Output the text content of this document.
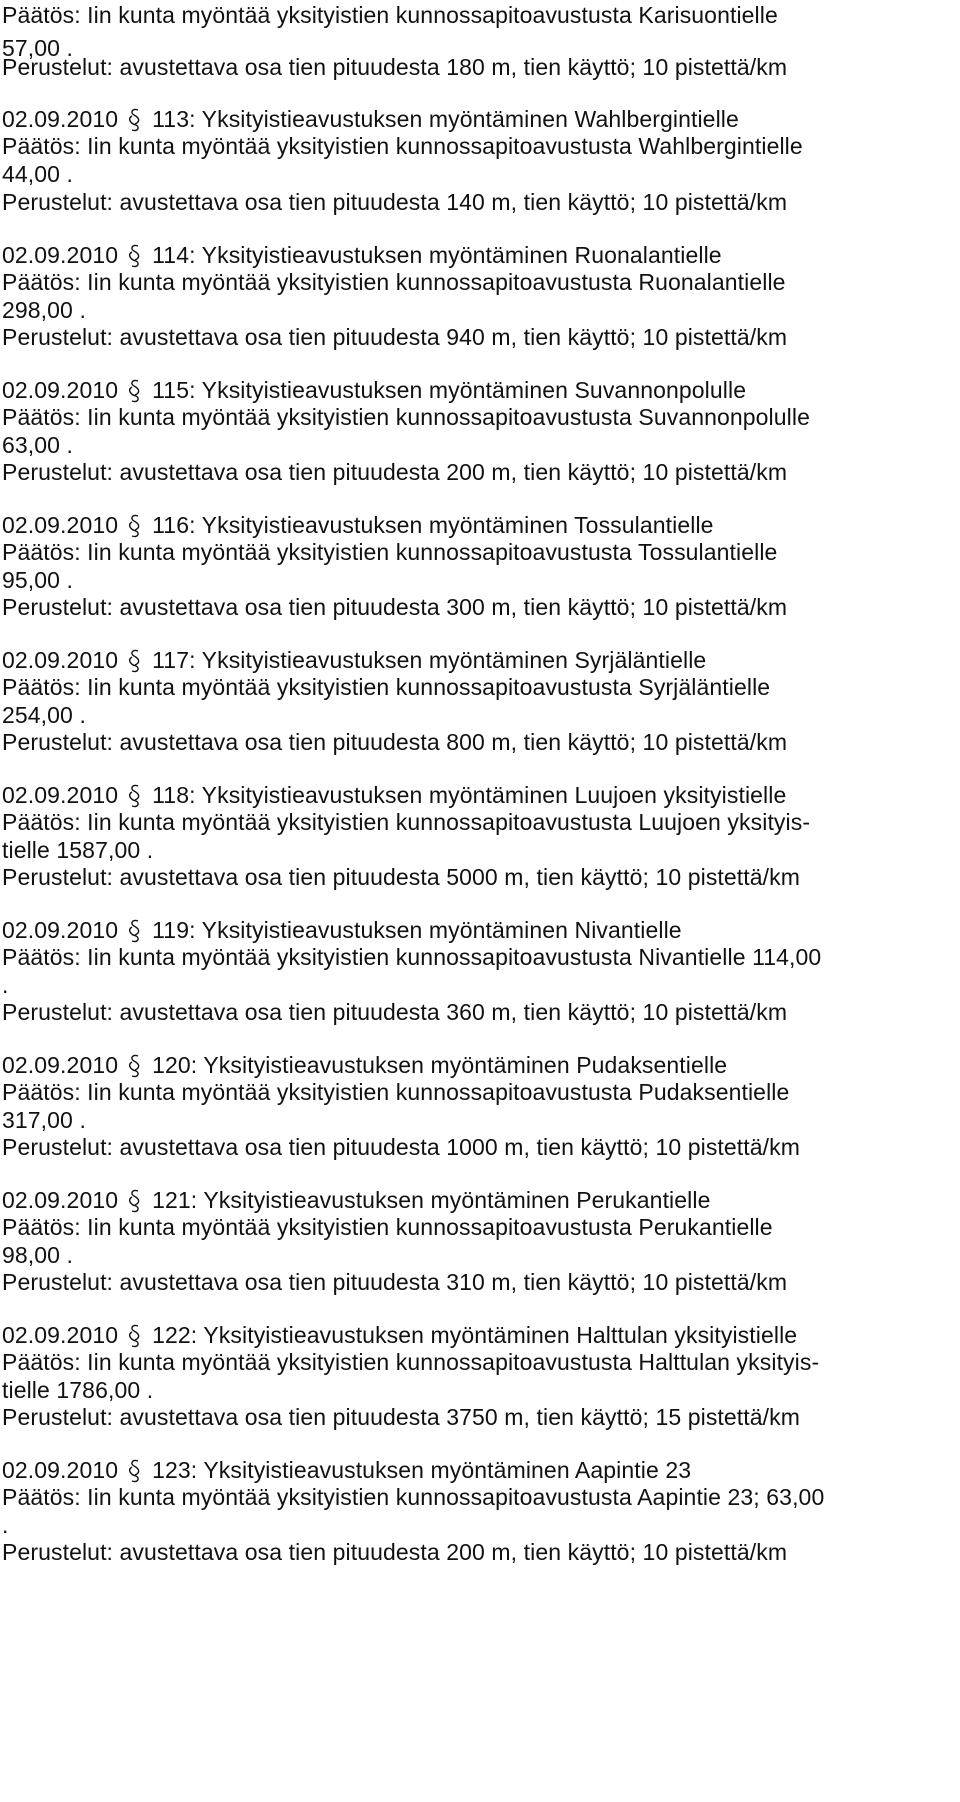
Päätös: Iin kunta myöntää yksityistien kunnossapitoavustusta Karisuontielle
57,00 .
Perustelut: avustettava osa tien pituudesta 180 m, tien käyttö; 10 pistettä/km
02.09.2010 113: Yksityistieavustuksen myöntäminen Wahlbergintielle
Päätös: Iin kunta myöntää yksityistien kunnossapitoavustusta Wahlbergintielle
44,00 .
Perustelut: avustettava osa tien pituudesta 140 m, tien käyttö; 10 pistettä/km
02.09.2010 114: Yksityistieavustuksen myöntäminen Ruonalantielle
Päätös: Iin kunta myöntää yksityistien kunnossapitoavustusta Ruonalantielle
298,00 .
Perustelut: avustettava osa tien pituudesta 940 m, tien käyttö; 10 pistettä/km
02.09.2010 115: Yksityistieavustuksen myöntäminen Suvannonpolulle
Päätös: Iin kunta myöntää yksityistien kunnossapitoavustusta Suvannonpolulle
63,00 .
Perustelut: avustettava osa tien pituudesta 200 m, tien käyttö; 10 pistettä/km
02.09.2010 116: Yksityistieavustuksen myöntäminen Tossulantielle
Päätös: Iin kunta myöntää yksityistien kunnossapitoavustusta Tossulantielle
95,00 .
Perustelut: avustettava osa tien pituudesta 300 m, tien käyttö; 10 pistettä/km
02.09.2010 117: Yksityistieavustuksen myöntäminen Syrjäläntielle
Päätös: Iin kunta myöntää yksityistien kunnossapitoavustusta Syrjäläntielle
254,00 .
Perustelut: avustettava osa tien pituudesta 800 m, tien käyttö; 10 pistettä/km
02.09.2010 118: Yksityistieavustuksen myöntäminen Luujoen yksityistielle
Päätös: Iin kunta myöntää yksityistien kunnossapitoavustusta Luujoen yksityis-
tielle 1587,00 .
Perustelut: avustettava osa tien pituudesta 5000 m, tien käyttö; 10 pistettä/km
02.09.2010 119: Yksityistieavustuksen myöntäminen Nivantielle
Päätös: Iin kunta myöntää yksityistien kunnossapitoavustusta Nivantielle 114,00
.
Perustelut: avustettava osa tien pituudesta 360 m, tien käyttö; 10 pistettä/km
02.09.2010 120: Yksityistieavustuksen myöntäminen Pudaksentielle
Päätös: Iin kunta myöntää yksityistien kunnossapitoavustusta Pudaksentielle
317,00 .
Perustelut: avustettava osa tien pituudesta 1000 m, tien käyttö; 10 pistettä/km
02.09.2010 121: Yksityistieavustuksen myöntäminen Perukantielle
Päätös: Iin kunta myöntää yksityistien kunnossapitoavustusta Perukantielle
98,00 .
Perustelut: avustettava osa tien pituudesta 310 m, tien käyttö; 10 pistettä/km
02.09.2010 122: Yksityistieavustuksen myöntäminen Halttulan yksityistielle
Päätös: Iin kunta myöntää yksityistien kunnossapitoavustusta Halttulan yksityis-
tielle 1786,00 .
Perustelut: avustettava osa tien pituudesta 3750 m, tien käyttö; 15 pistettä/km
02.09.2010 123: Yksityistieavustuksen myöntäminen Aapintie 23
Päätös: Iin kunta myöntää yksityistien kunnossapitoavustusta Aapintie 23; 63,00
.
Perustelut: avustettava osa tien pituudesta 200 m, tien käyttö; 10 pistettä/km
